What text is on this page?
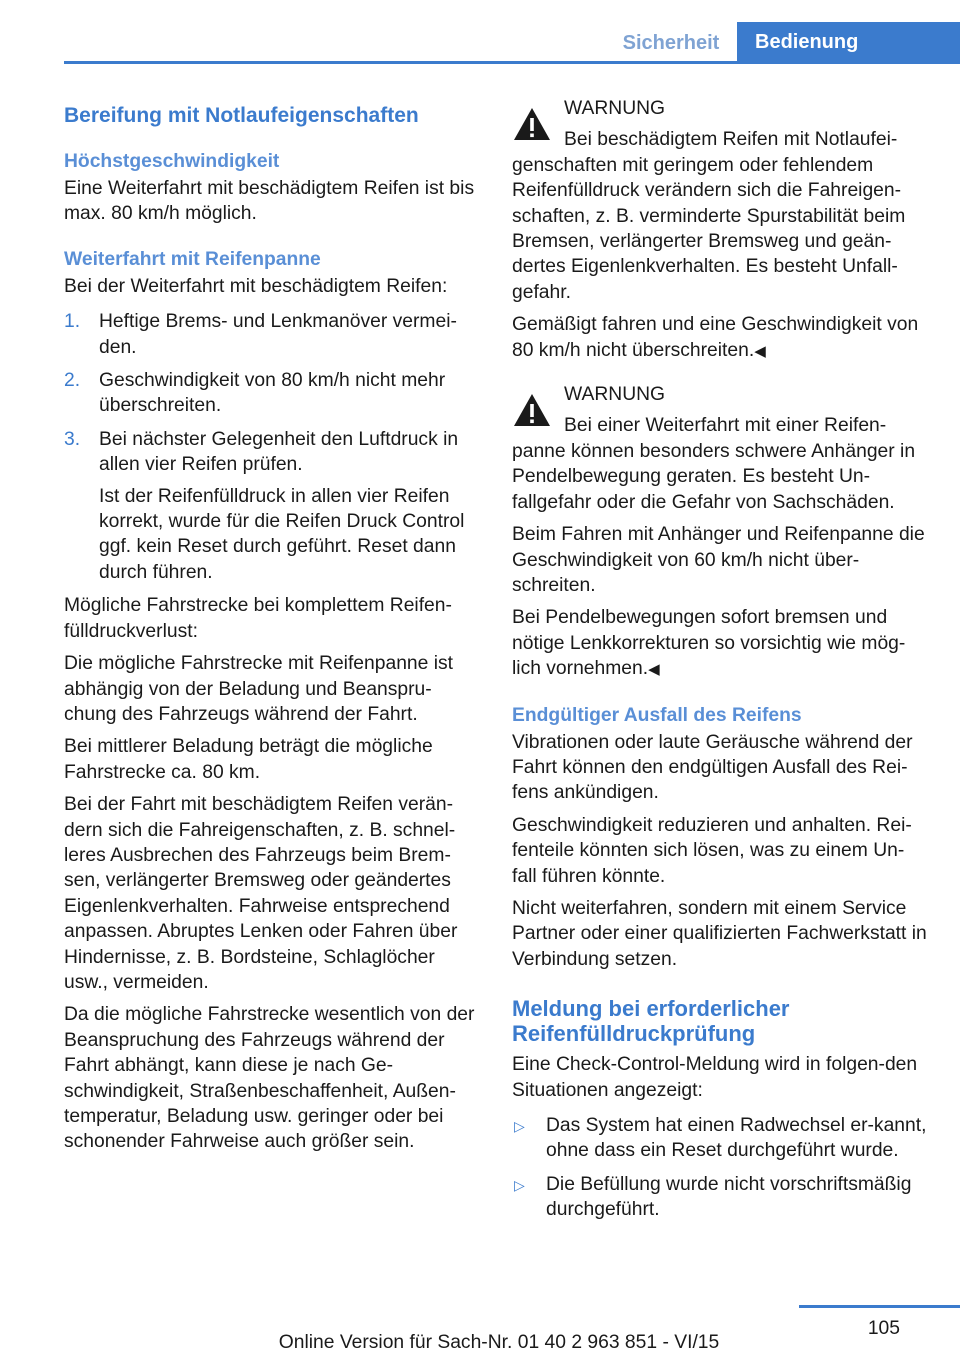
Sicherheit	Bedienung
Bereifung mit Notlaufeigenschaften
Höchstgeschwindigkeit

Eine Weiterfahrt mit beschädigtem Reifen ist bis max. 80 km/h möglich.

Weiterfahrt mit Reifenpanne

Bei der Weiterfahrt mit beschädigtem Reifen:

1. Heftige Brems- und Lenkmanöver vermei-den.
2. Geschwindigkeit von 80 km/h nicht mehr überschreiten.
3. Bei nächster Gelegenheit den Luftdruck in allen vier Reifen prüfen.
Ist der Reifenfülldruck in allen vier Reifen korrekt, wurde für die Reifen Druck Control ggf. kein Reset durch geführt. Reset dann durch führen.

Mögliche Fahrstrecke bei komplettem Reifen-fülldruckverlust:

Die mögliche Fahrstrecke mit Reifenpanne ist abhängig von der Beladung und Beanspru-chung des Fahrzeugs während der Fahrt.

Bei mittlerer Beladung beträgt die mögliche Fahrstrecke ca. 80 km.

Bei der Fahrt mit beschädigtem Reifen verän-dern sich die Fahreigenschaften, z. B. schnel-leres Ausbrechen des Fahrzeugs beim Brem-sen, verlängerter Bremsweg oder geändertes Eigenlenkverhalten. Fahrweise entsprechend anpassen. Abruptes Lenken oder Fahren über Hindernisse, z. B. Bordsteine, Schlaglöcher usw., vermeiden.

Da die mögliche Fahrstrecke wesentlich von der Beanspruchung des Fahrzeugs während der Fahrt abhängt, kann diese je nach Ge-schwindigkeit, Straßenbeschaffenheit, Außen-temperatur, Beladung usw. geringer oder bei schonender Fahrweise auch größer sein.

WARNUNG

Bei beschädigtem Reifen mit Notlaufei-genschaften mit geringem oder fehlendem Reifenfülldruck verändern sich die Fahreigen-schaften, z. B. verminderte Spurstabilität beim Bremsen, verlängerter Bremsweg und geän-dertes Eigenlenkverhalten. Es besteht Unfall-gefahr.

Gemäßigt fahren und eine Geschwindigkeit von 80 km/h nicht überschreiten.◀

WARNUNG

Bei einer Weiterfahrt mit einer Reifen-panne können besonders schwere Anhänger in Pendelbewegung geraten. Es besteht Un-fallgefahr oder die Gefahr von Sachschäden.

Beim Fahren mit Anhänger und Reifenpanne die Geschwindigkeit von 60 km/h nicht über-schreiten.

Bei Pendelbewegungen sofort bremsen und nötige Lenkkorrekturen so vorsichtig wie mög-lich vornehmen.◀

Endgültiger Ausfall des Reifens

Vibrationen oder laute Geräusche während der Fahrt können den endgültigen Ausfall des Rei-fens ankündigen.

Geschwindigkeit reduzieren und anhalten. Rei-fenteile könnten sich lösen, was zu einem Un-fall führen könnte.

Nicht weiterfahren, sondern mit einem Service Partner oder einer qualifizierten Fachwerkstatt in Verbindung setzen.

Meldung bei erforderlicher Reifenfülldruckprüfung

Eine Check-Control-Meldung wird in folgen-den Situationen angezeigt:

▷ Das System hat einen Radwechsel er-kannt, ohne dass ein Reset durchgeführt wurde.
▷ Die Befüllung wurde nicht vorschriftsmäßig durchgeführt.
105
Online Version für Sach-Nr. 01 40 2 963 851 - VI/15
